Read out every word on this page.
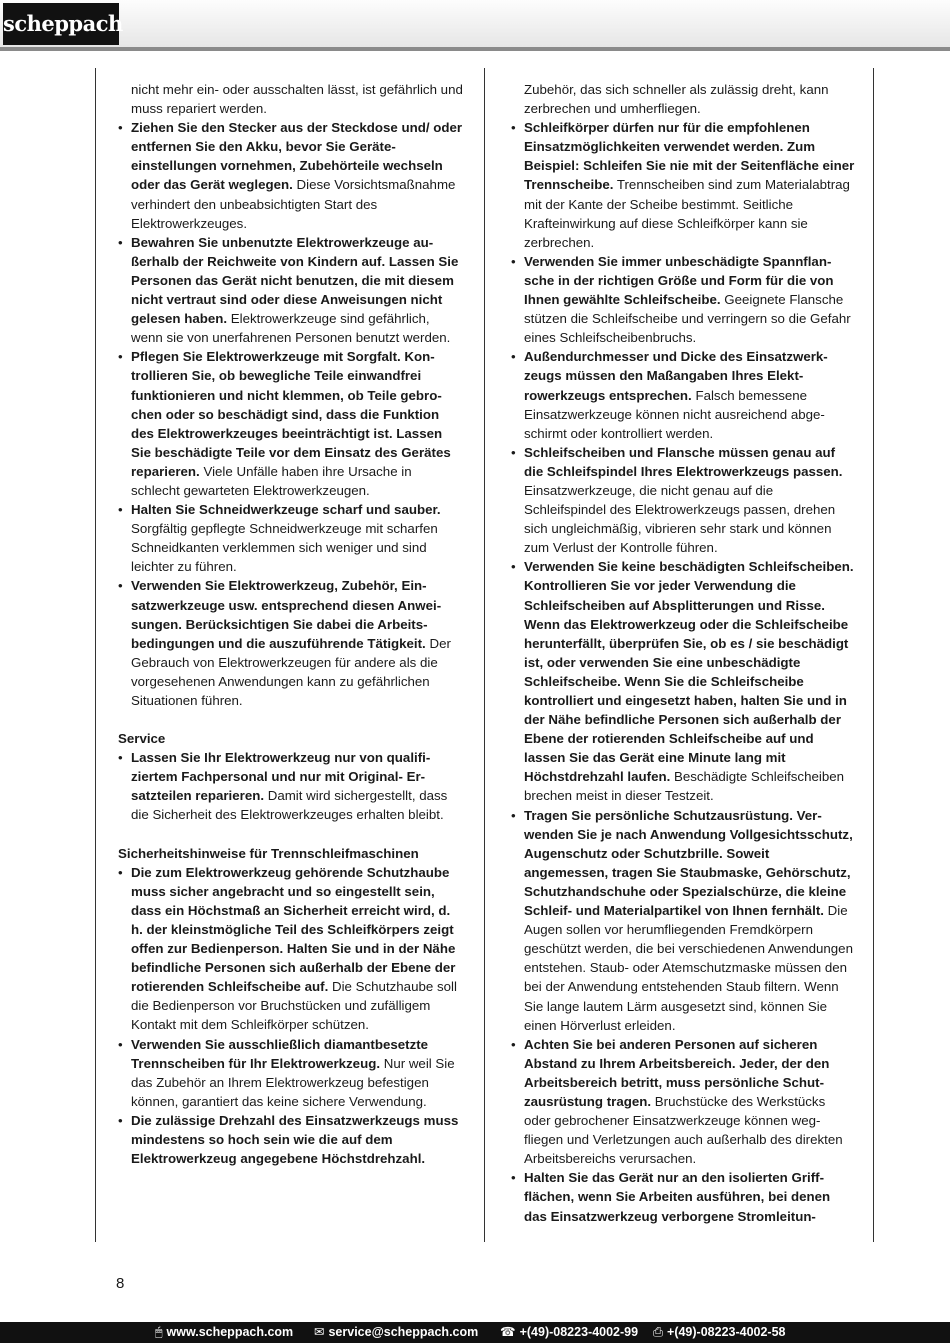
scheppach

nicht mehr ein- oder ausschalten lässt, ist gefährlich und muss repariert werden.

• Ziehen Sie den Stecker aus der Steckdose und/ oder entfernen Sie den Akku, bevor Sie Geräteeinstellungen vornehmen, Zubehörteile wechseln oder das Gerät weglegen. Diese Vorsichtsmaßnahme verhindert den unbeabsichtigten Start des Elektrowerkzeuges.

• Bewahren Sie unbenutzte Elektrowerkzeuge außerhalb der Reichweite von Kindern auf. Lassen Sie Personen das Gerät nicht benutzen, die mit diesem nicht vertraut sind oder diese Anweisungen nicht gelesen haben. Elektrowerkzeuge sind gefährlich, wenn sie von unerfahrenen Personen benutzt werden.

• Pflegen Sie Elektrowerkzeuge mit Sorgfalt. Kontrollieren Sie, ob bewegliche Teile einwandfrei funktionieren und nicht klemmen, ob Teile gebrochen oder so beschädigt sind, dass die Funktion des Elektrowerkzeuges beeinträchtigt ist. Lassen Sie beschädigte Teile vor dem Einsatz des Gerätes reparieren. Viele Unfälle haben ihre Ursache in schlecht gewarteten Elektrowerkzeugen.

• Halten Sie Schneidwerkzeuge scharf und sauber. Sorgfältig gepflegte Schneidwerkzeuge mit scharfen Schneidkanten verklemmen sich weniger und sind leichter zu führen.

• Verwenden Sie Elektrowerkzeug, Zubehör, Einsatzwerkzeuge usw. entsprechend diesen Anweisungen. Berücksichtigen Sie dabei die Arbeitsbedingungen und die auszuführende Tätigkeit. Der Gebrauch von Elektrowerkzeugen für andere als die vorgesehenen Anwendungen kann zu gefährlichen Situationen führen.

Service

• Lassen Sie Ihr Elektrowerkzeug nur von qualifiziertem Fachpersonal und nur mit Original- Ersatzteilen reparieren. Damit wird sichergestellt, dass die Sicherheit des Elektrowerkzeuges erhalten bleibt.

Sicherheitshinweise für Trennschleifmaschinen

• Die zum Elektrowerkzeug gehörende Schutzhaube muss sicher angebracht und so eingestellt sein, dass ein Höchstmaß an Sicherheit erreicht wird, d. h. der kleinstmögliche Teil des Schleifkörpers zeigt offen zur Bedienperson. Halten Sie und in der Nähe befindliche Personen sich außerhalb der Ebene der rotierenden Schleifscheibe auf. Die Schutzhaube soll die Bedienperson vor Bruchstücken und zufälligem Kontakt mit dem Schleifkörper schützen.

• Verwenden Sie ausschließlich diamantbesetzte Trennscheiben für Ihr Elektrowerkzeug. Nur weil Sie das Zubehör an Ihrem Elektrowerkzeug befestigen können, garantiert das keine sichere Verwendung.

• Die zulässige Drehzahl des Einsatzwerkzeugs muss mindestens so hoch sein wie die auf dem Elektrowerkzeug angegebene Höchstdrehzahl.

Zubehör, das sich schneller als zulässig dreht, kann zerbrechen und umherfliegen.

• Schleifkörper dürfen nur für die empfohlenen Einsatzmöglichkeiten verwendet werden. Zum Beispiel: Schleifen Sie nie mit der Seitenfläche einer Trennscheibe. Trennscheiben sind zum Materialabtrag mit der Kante der Scheibe bestimmt. Seitliche Krafteinwirkung auf diese Schleifkörper kann sie zerbrechen.

• Verwenden Sie immer unbeschädigte Spannflansche in der richtigen Größe und Form für die von Ihnen gewählte Schleifscheibe. Geeignete Flansche stützen die Schleifscheibe und verringern so die Gefahr eines Schleifscheibenbruchs.

• Außendurchmesser und Dicke des Einsatzwerkzeugs müssen den Maßangaben Ihres Elektrowerkzeugs entsprechen. Falsch bemessene Einsatzwerkzeuge können nicht ausreichend abgeschirmt oder kontrolliert werden.

• Schleifscheiben und Flansche müssen genau auf die Schleifspindel Ihres Elektrowerkzeugs passen. Einsatzwerkzeuge, die nicht genau auf die Schleifspindel des Elektrowerkzeugs passen, drehen sich ungleichmäßig, vibrieren sehr stark und können zum Verlust der Kontrolle führen.

• Verwenden Sie keine beschädigten Schleifscheiben. Kontrollieren Sie vor jeder Verwendung die Schleifscheiben auf Absplitterungen und Risse. Wenn das Elektrowerkzeug oder die Schleifscheibe herunterfällt, überprüfen Sie, ob es / sie beschädigt ist, oder verwenden Sie eine unbeschädigte Schleifscheibe. Wenn Sie die Schleifscheibe kontrolliert und eingesetzt haben, halten Sie und in der Nähe befindliche Personen sich außerhalb der Ebene der rotierenden Schleifscheibe auf und lassen Sie das Gerät eine Minute lang mit Höchstdrehzahl laufen. Beschädigte Schleifscheiben brechen meist in dieser Testzeit.

• Tragen Sie persönliche Schutzausrüstung. Verwenden Sie je nach Anwendung Vollgesichtsschutz, Augenschutz oder Schutzbrille. Soweit angemessen, tragen Sie Staubmaske, Gehörschutz, Schutzhandschuhe oder Spezialschürze, die kleine Schleif- und Materialpartikel von Ihnen fernhält. Die Augen sollen vor herumfliegenden Fremdkörpern geschützt werden, die bei verschiedenen Anwendungen entstehen. Staub- oder Atemschutzmaske müssen den bei der Anwendung entstehenden Staub filtern. Wenn Sie lange lautem Lärm ausgesetzt sind, können Sie einen Hörverlust erleiden.

• Achten Sie bei anderen Personen auf sicheren Abstand zu Ihrem Arbeitsbereich. Jeder, der den Arbeitsbereich betritt, muss persönliche Schutzausrüstung tragen. Bruchstücke des Werkstücks oder gebrochener Einsatzwerkzeuge können wegfliegen und Verletzungen auch außerhalb des direkten Arbeitsbereichs verursachen.

• Halten Sie das Gerät nur an den isolierten Griffflächen, wenn Sie Arbeiten ausführen, bei denen das Einsatzwerkzeug verborgene Stromleitun-

8
🖱 www.scheppach.com ✉ service@scheppach.com ☎ +(49)-08223-4002-99 ⎙ +(49)-08223-4002-58
